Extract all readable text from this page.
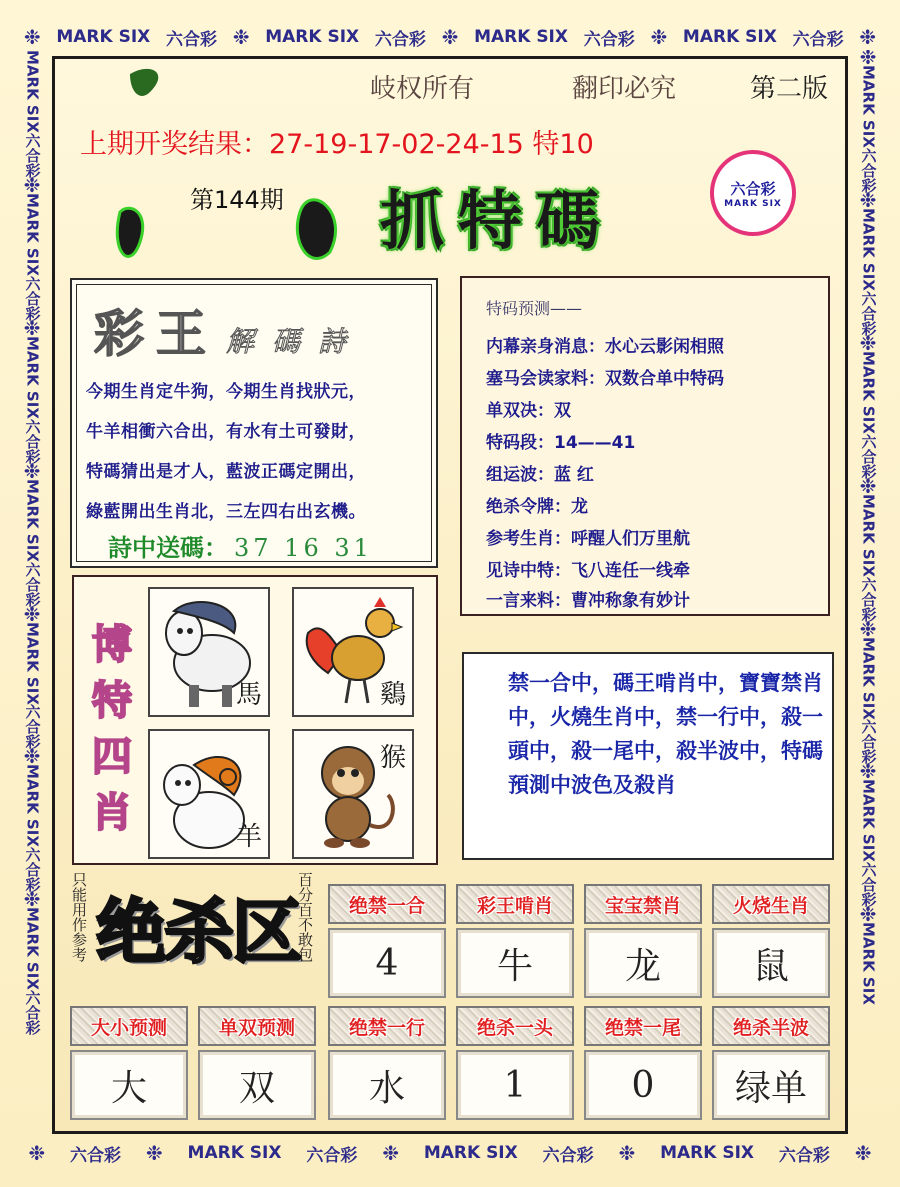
❉ MARK SIX 六合彩 ❉ MARK SIX 六合彩 ❉ MARK SIX 六合彩 ❉ MARK SIX 六合彩 ❉
❉ 六合彩 ❉ MARK SIX 六合彩 ❉ MARK SIX 六合彩 ❉ MARK SIX 六合彩 ❉
MARK SIX
六合彩
❉
MARK SIX
六合彩
❉
MARK SIX
六合彩
❉
MARK SIX
六合彩
❉
MARK SIX
六合彩
❉
MARK SIX
六合彩
❉
MARK SIX
六合彩
❉
MARK SIX
六合彩
❉
MARK SIX
六合彩
❉
MARK SIX
六合彩
❉
MARK SIX
六合彩
❉
MARK SIX
六合彩
❉
MARK SIX
六合彩
❉
MARK SIX
岐权所有	翻印必究	第二版
上期开奖结果：27-19-17-02-24-15 特10
第144期 抓特碼	六合彩
MARK SIX
彩王 解碼詩
今期生肖定牛狗，今期生肖找狀元，
牛羊相衝六合出，有水有土可發財，
特碼猜出是才人，藍波正碼定開出，
綠藍開出生肖北，三左四右出玄機。
詩中送碼： 37 16 31
特码预测——
内幕亲身消息：水心云影闲相照
塞马会读家料：双数合单中特码
单双决：双
特码段：14——41
组运波：蓝 红
绝杀令牌：龙
参考生肖：呼醒人们万里航
见诗中特：飞八连任一线牵
一言来料：曹冲称象有妙计
博
特
四
肖
馬	鷄
羊
猴
禁一合中，碼王啃肖中，寶寶禁肖中，火燒生肖中，禁一行中，殺一頭中，殺一尾中，殺半波中，特碼預測中波色及殺肖
只能用作参考 绝杀区
百分百不敢包 绝禁一合
4
彩王啃肖
牛
宝宝禁肖
龙
火烧生肖
鼠
大小预测
大
单双预测
双
绝禁一行
水
绝杀一头
1
绝禁一尾
0
绝杀半波
绿单
